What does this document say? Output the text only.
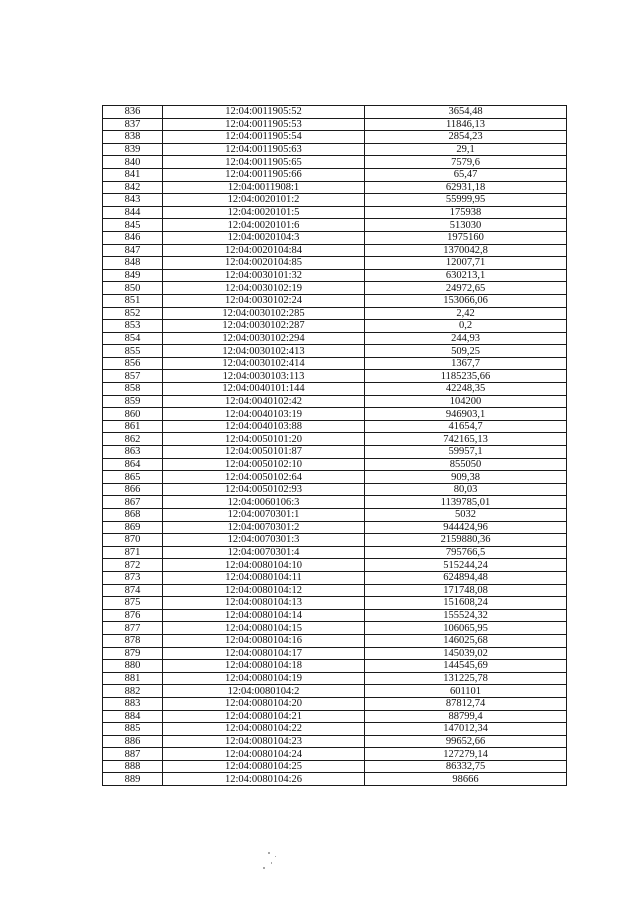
836	12:04:0011905:52	3654,48
837	12:04:0011905:53	11846,13
838	12:04:0011905:54	2854,23
839	12:04:0011905:63	29,1
840	12:04:0011905:65	7579,6
841	12:04:0011905:66	65,47
842	12:04:0011908:1	62931,18
843	12:04:0020101:2	55999,95
844	12:04:0020101:5	175938
845	12:04:0020101:6	513030
846	12:04:0020104:3	1975160
847	12:04:0020104:84	1370042,8
848	12:04:0020104:85	12007,71
849	12:04:0030101:32	630213,1
850	12:04:0030102:19	24972,65
851	12:04:0030102:24	153066,06
852	12:04:0030102:285	2,42
853	12:04:0030102:287	0,2
854	12:04:0030102:294	244,93
855	12:04:0030102:413	509,25
856	12:04:0030102:414	1367,7
857	12:04:0030103:113	1185235,66
858	12:04:0040101:144	42248,35
859	12:04:0040102:42	104200
860	12:04:0040103:19	946903,1
861	12:04:0040103:88	41654,7
862	12:04:0050101:20	742165,13
863	12:04:0050101:87	59957,1
864	12:04:0050102:10	855050
865	12:04:0050102:64	909,38
866	12:04:0050102:93	80,03
867	12:04:0060106:3	1139785,01
868	12:04:0070301:1	5032
869	12:04:0070301:2	944424,96
870	12:04:0070301:3	2159880,36
871	12:04:0070301:4	795766,5
872	12:04:0080104:10	515244,24
873	12:04:0080104:11	624894,48
874	12:04:0080104:12	171748,08
875	12:04:0080104:13	151608,24
876	12:04:0080104:14	155524,32
877	12:04:0080104:15	106065,95
878	12:04:0080104:16	146025,68
879	12:04:0080104:17	145039,02
880	12:04:0080104:18	144545,69
881	12:04:0080104:19	131225,78
882	12:04:0080104:2	601101
883	12:04:0080104:20	87812,74
884	12:04:0080104:21	88799,4
885	12:04:0080104:22	147012,34
886	12:04:0080104:23	99652,66
887	12:04:0080104:24	127279,14
888	12:04:0080104:25	86332,75
889	12:04:0080104:26	98666
